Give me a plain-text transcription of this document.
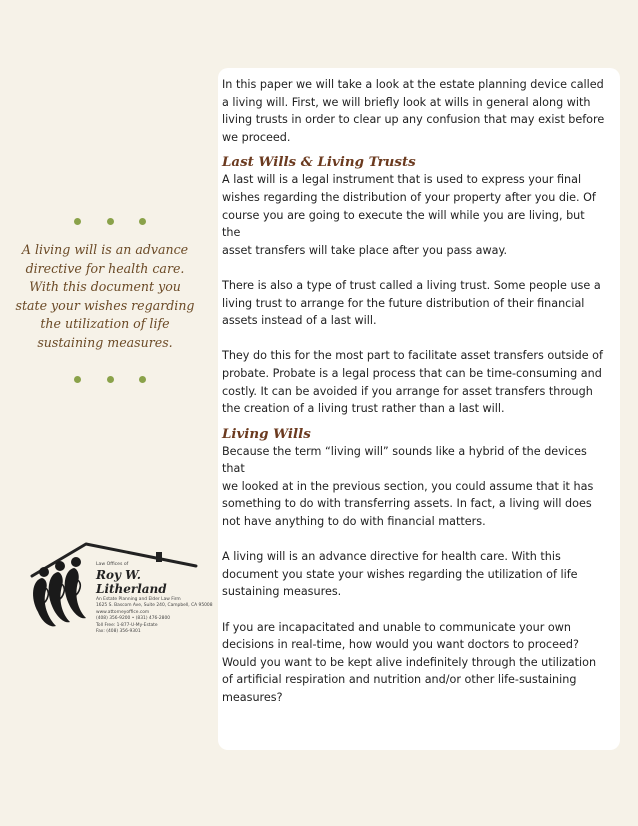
A living will is an advance
directive for health care.
With this document you
state your wishes regarding
the utilization of life
sustaining measures.
Law Offices of
Roy W. Litherland
An Estate Planning and Elder Law Firm
1625 S. Bascom Ave, Suite 240, Campbell, CA 95008
www.attorneyoffice.com
(408) 356-9200 • (831) 476-2800
Toll Free: 1-877-U-My-Estate
Fax: (408) 356-9301

In this paper we will take a look at the estate planning device called

a living will. First, we will briefly look at wills in general along with

living trusts in order to clear up any confusion that may exist before

we proceed.

Last Wills & Living Trusts

A last will is a legal instrument that is used to express your final

wishes regarding the distribution of your property after you die. Of

course you are going to execute the will while you are living, but the

asset transfers will take place after you pass away.

There is also a type of trust called a living trust. Some people use a

living trust to arrange for the future distribution of their financial

assets instead of a last will.

They do this for the most part to facilitate asset transfers outside of

probate. Probate is a legal process that can be time-consuming and

costly. It can be avoided if you arrange for asset transfers through

the creation of a living trust rather than a last will.

Living Wills

Because the term “living will” sounds like a hybrid of the devices that

we looked at in the previous section, you could assume that it has

something to do with transferring assets. In fact, a living will does

not have anything to do with financial matters.

A living will is an advance directive for health care. With this

document you state your wishes regarding the utilization of life

sustaining measures.

If you are incapacitated and unable to communicate your own

decisions in real-time, how would you want doctors to proceed?

Would you want to be kept alive indefinitely through the utilization

of artificial respiration and nutrition and/or other life-sustaining

measures?
